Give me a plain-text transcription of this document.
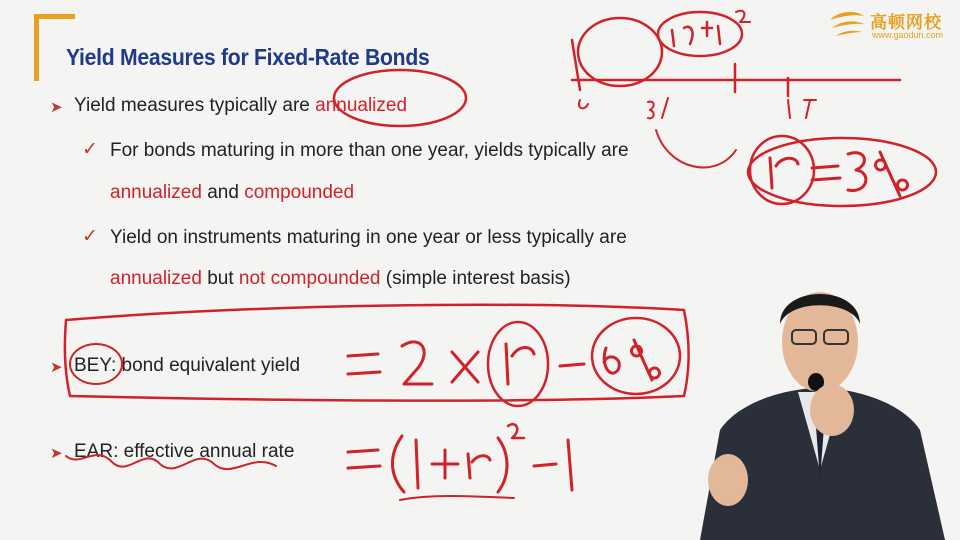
Yield Measures for Fixed-Rate Bonds
高顿网校
www.gaodun.com
➤ Yield measures typically are annualized
✓ For bonds maturing in more than one year, yields typically are
annualized and compounded
✓ Yield on instruments maturing in one year or less typically are
annualized but not compounded (simple interest basis)
➤ BEY: bond equivalent yield
➤ EAR: effective annual rate
